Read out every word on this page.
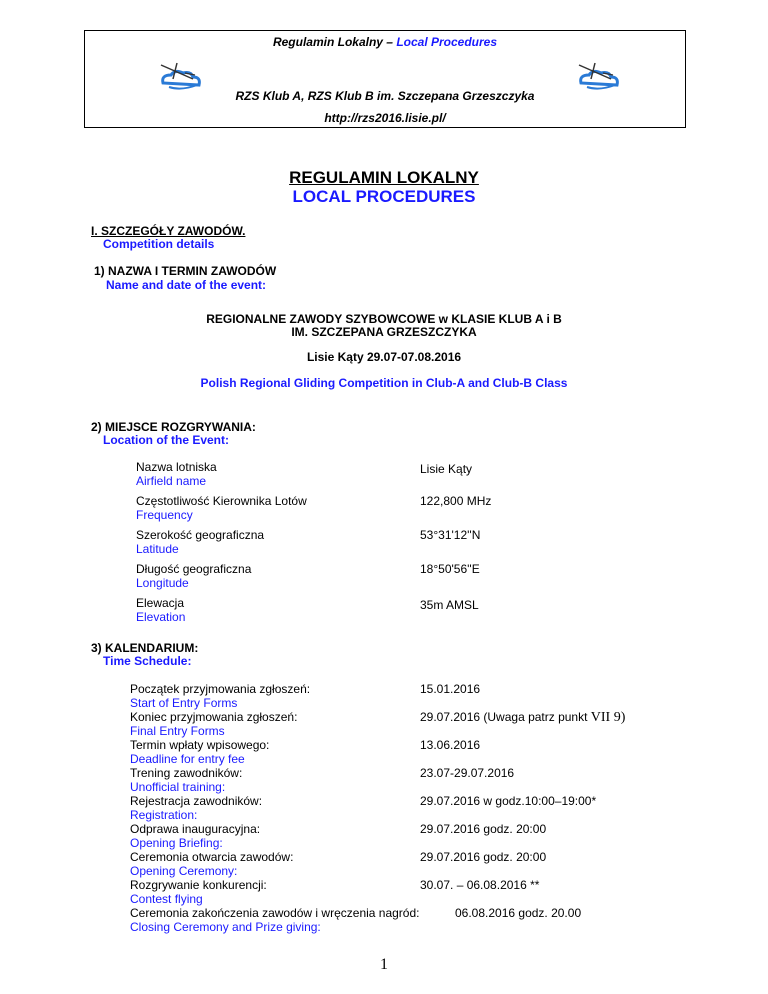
Regulamin Lokalny – Local Procedures
RZS Klub A, RZS Klub B im. Szczepana Grzeszczyka
http://rzs2016.lisie.pl/
REGULAMIN LOKALNY
LOCAL PROCEDURES
I. SZCZEGÓŁY ZAWODÓW.
Competition details
1) NAZWA I TERMIN ZAWODÓW
Name and date of the event:
REGIONALNE ZAWODY SZYBOWCOWE w KLASIE KLUB A i B
IM. SZCZEPANA GRZESZCZYKA
Lisie Kąty 29.07-07.08.2016
Polish Regional Gliding Competition in Club-A and Club-B Class
2) MIEJSCE ROZGRYWANIA:
Location of the Event:
Nazwa lotniska
Airfield name
Lisie Kąty
Częstotliwość Kierownika Lotów
Frequency
122,800 MHz
Szerokość geograficzna
Latitude
53°31'12''N
Długość geograficzna
Longitude
18°50'56''E
Elewacja
Elevation
35m AMSL
3) KALENDARIUM:
Time Schedule:
Początek przyjmowania zgłoszeń:
Start of Entry Forms
15.01.2016
Koniec przyjmowania zgłoszeń:
Final Entry Forms
29.07.2016 (Uwaga patrz punkt VII 9)
Termin wpłaty wpisowego:
Deadline for entry fee
13.06.2016
Trening zawodników:
Unofficial training:
23.07-29.07.2016
Rejestracja zawodników:
Registration:
29.07.2016 w godz.10:00–19:00*
Odprawa inauguracyjna:
Opening Briefing:
29.07.2016 godz. 20:00
Ceremonia otwarcia zawodów:
Opening Ceremony:
29.07.2016 godz. 20:00
Rozgrywanie konkurencji:
Contest flying
30.07. – 06.08.2016 **
Ceremonia zakończenia zawodów i wręczenia nagród:
Closing Ceremony and Prize giving:
06.08.2016 godz. 20.00
1
